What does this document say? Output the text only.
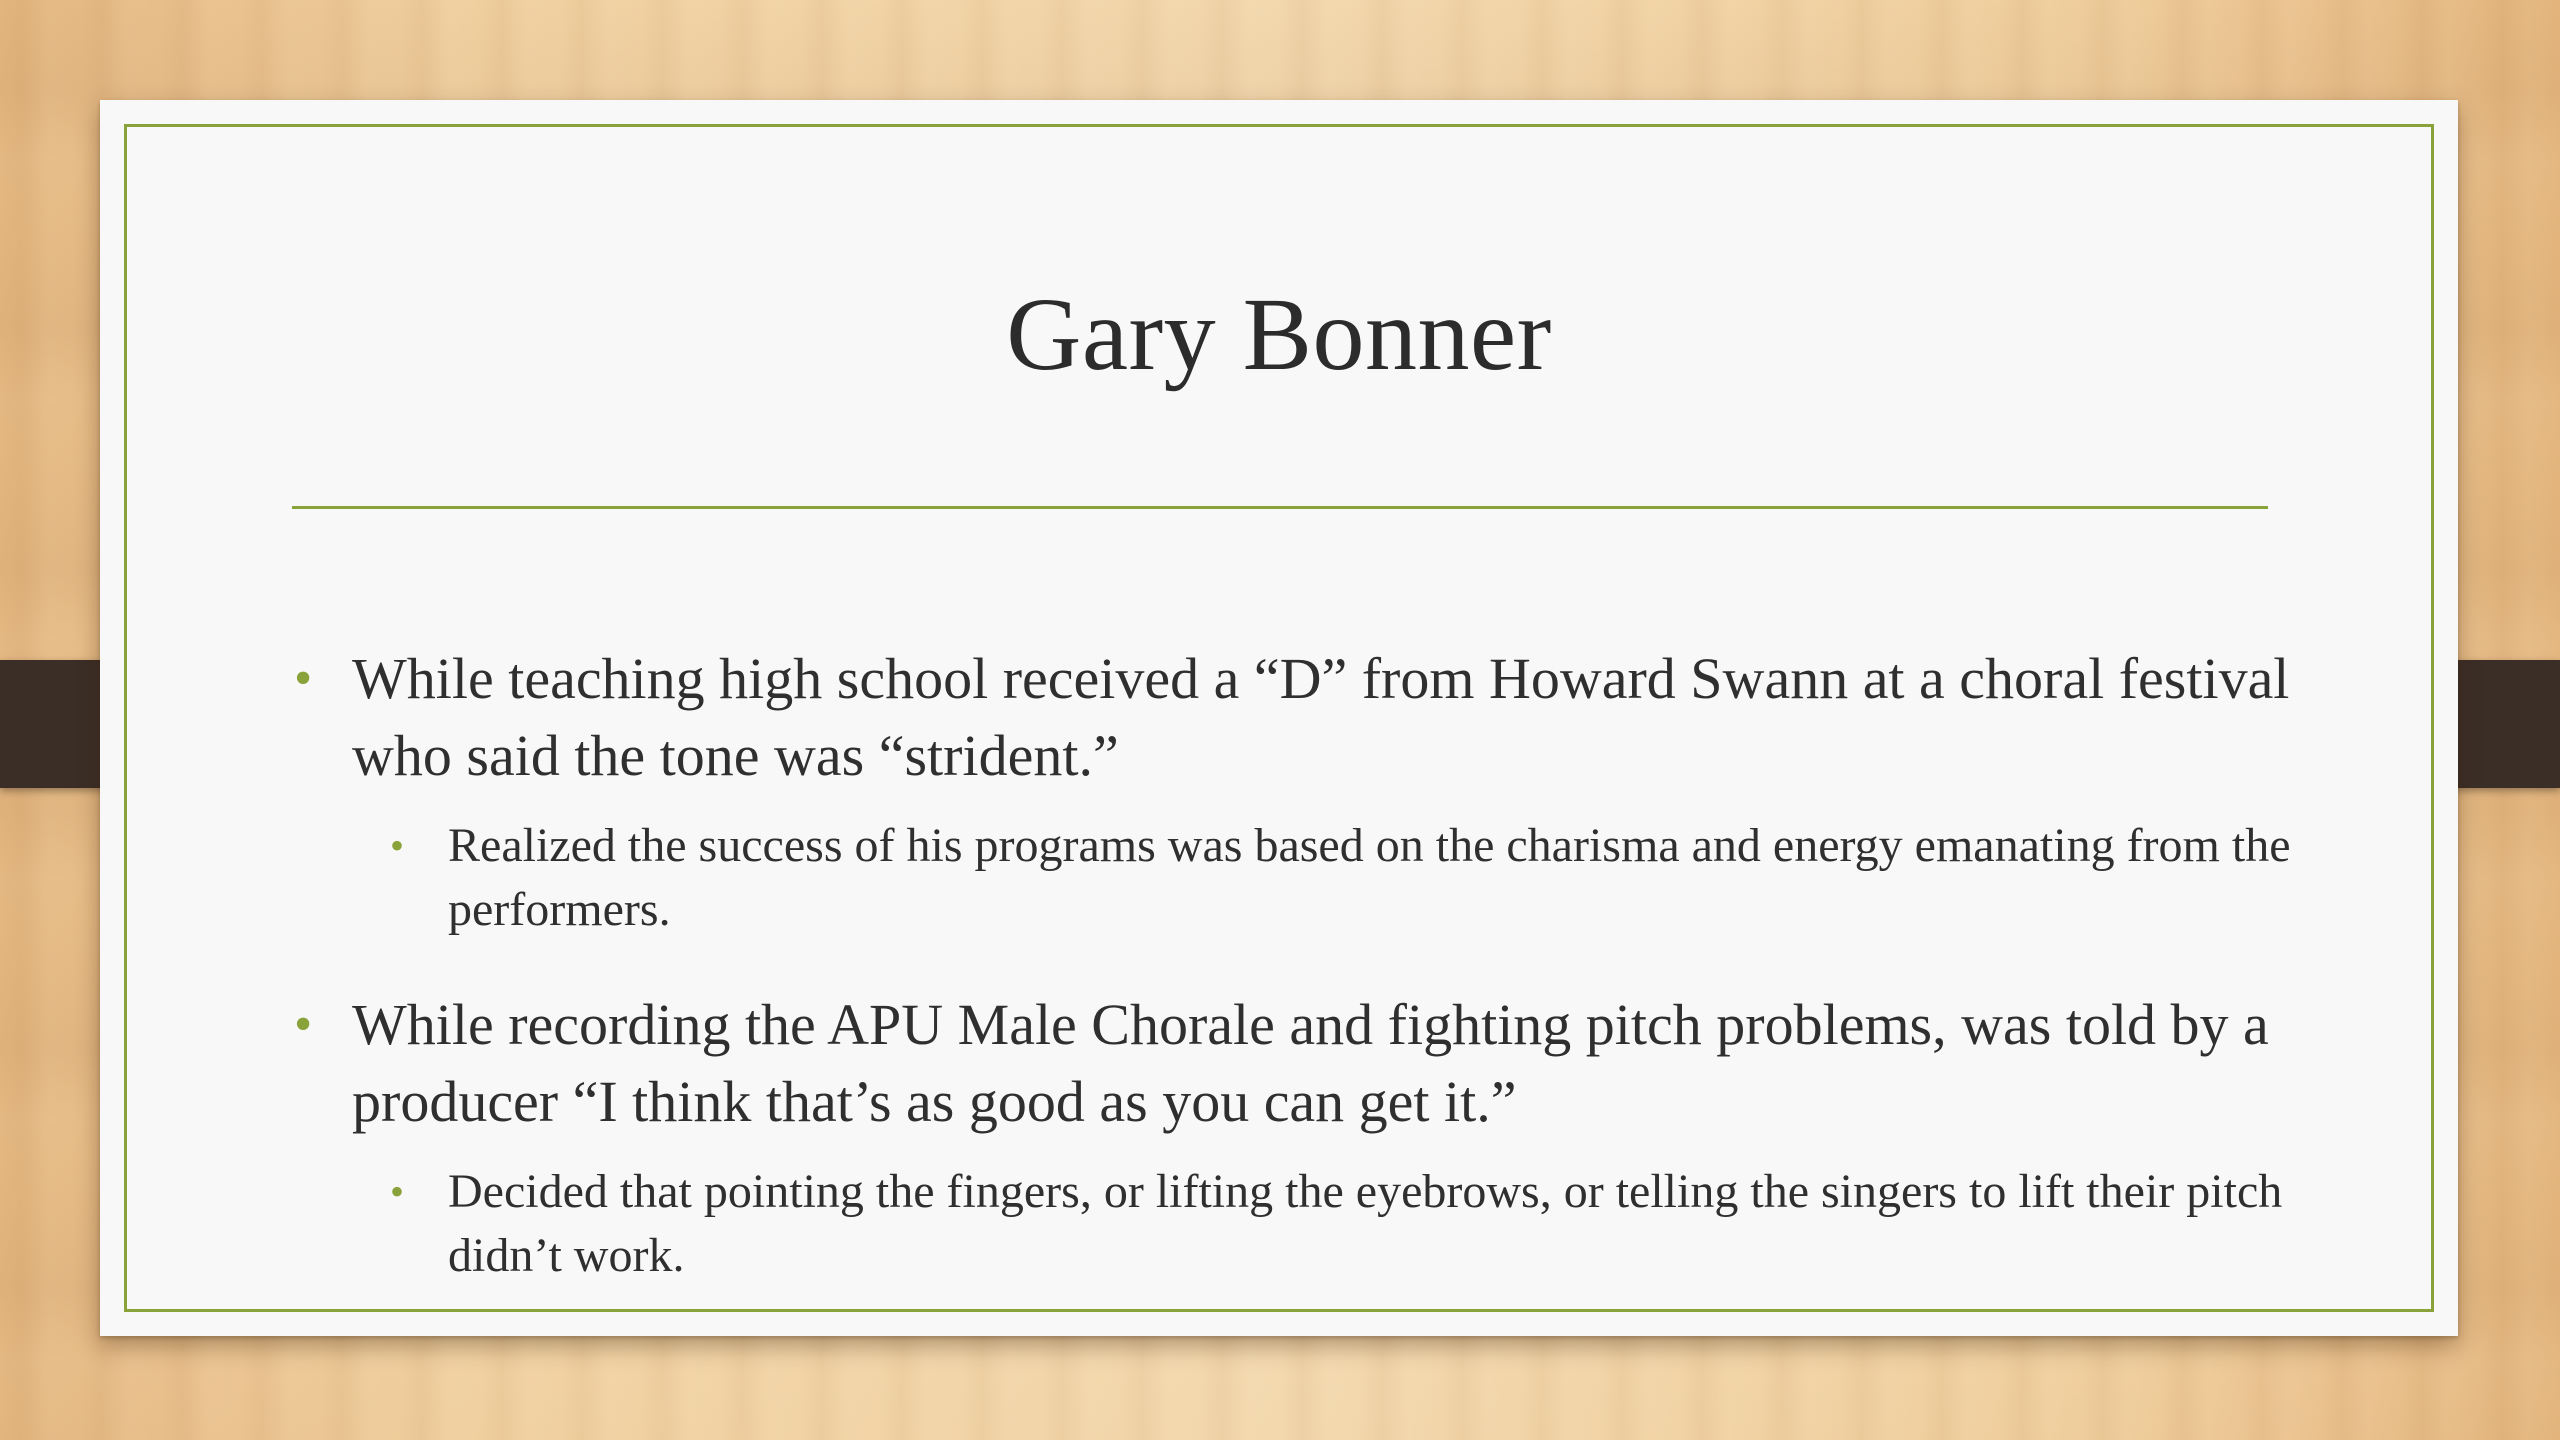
Gary Bonner
• While teaching high school received a “D” from Howard Swann at a choral festival who said the tone was “strident.”
• Realized the success of his programs was based on the charisma and energy emanating from the performers.
• While recording the APU Male Chorale and fighting pitch problems, was told by a producer “I think that’s as good as you can get it.”
• Decided that pointing the fingers, or lifting the eyebrows, or telling the singers to lift their pitch didn’t work.
